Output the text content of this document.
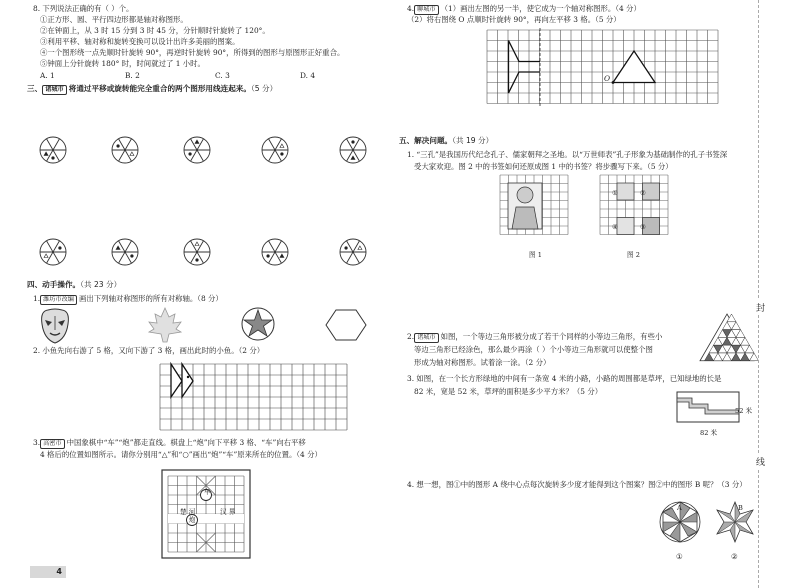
8. 下列说法正确的有（ ）个。
①正方形、圆、平行四边形都是轴对称图形。
②在钟面上，从 3 时 15 分到 3 时 45 分，分针顺时针旋转了 120°。
③利用平移、轴对称和旋转变换可以设计出许多美丽的图案。
④一个图形绕一点先顺时针旋转 90°，再逆时针旋转 90°，所得到的图形与原图形正好重合。
⑤钟面上分针旋转 180° 时，时间就过了 1 小时。
A. 1	B. 2	C. 3	D. 4
三、 诸城市 将通过平移或旋转能完全重合的两个图形用线连起来。（5 分）
四、动手操作。（共 23 分）
1. 潍坊市改编 画出下列轴对称图形的所有对称轴。（8 分）
2. 小鱼先向右游了 5 格，又向下游了 3 格，画出此时的小鱼。（2 分）
3. 高密市 中国象棋中“车”“炮”都走直线。棋盘上“炮”向下平移 3 格、“车”向右平移
4 格后的位置如图所示。请你分别用“△”和“○”画出“炮”“车”原来所在的位置。（4 分）
车
楚 河	汉 界
炮
4
4. 聊城市 （1）画出左图的另一半，使它成为一个轴对称图形。（4 分）
（2）将右图绕 O 点顺时针旋转 90°，再向左平移 3 格。（5 分）
O
五、解决问题。（共 19 分）
1. “三孔”是我国历代纪念孔子、儒家朝拜之圣地。以“万世师表”孔子形象为基础制作的孔子书签深
受大家欢迎。图 2 中的书签如何还原成图 1 中的书签？将步骤写下来。（5 分）
图 1	图 2
①	②
③
④
2. 诸城市 如图，一个等边三角形被分成了若干个同样的小等边三角形，有些小
等边三角形已经涂色，那么最少再涂（ ）个小等边三角形就可以使整个图
形成为轴对称图形。试着涂一涂。（2 分）
3. 如图，在一个长方形绿地的中间有一条宽 4 米的小路，小路的周围都是草坪，已知绿地的长是
82 米，宽是 52 米，草坪的面积是多少平方米？（5 分）
52 米
82 米
4. 想一想，图①中的图形 A 绕中心点每次旋转多少度才能得到这个图案？图②中的图形 B 呢？（3 分）
A	B
①	②
封
线
